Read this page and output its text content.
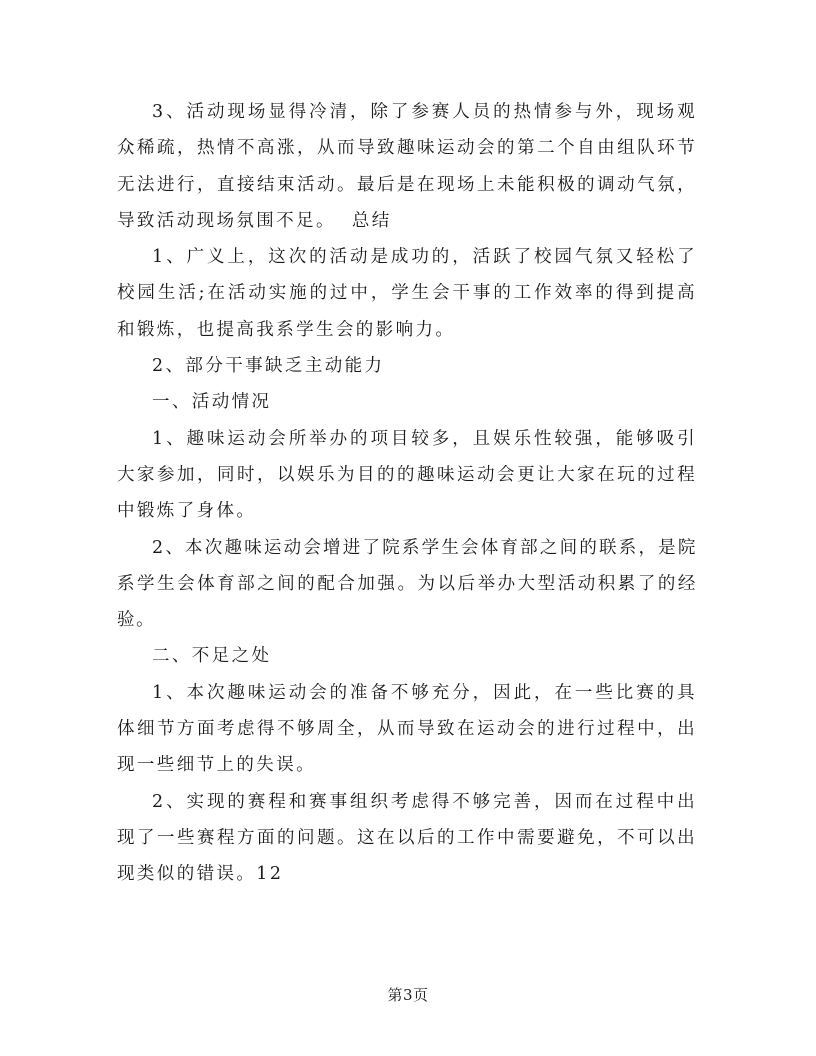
3、活动现场显得冷清，除了参赛人员的热情参与外，现场观众稀疏，热情不高涨，从而导致趣味运动会的第二个自由组队环节无法进行，直接结束活动。最后是在现场上未能积极的调动气氛，导致活动现场氛围不足。  总结

1、广义上，这次的活动是成功的，活跃了校园气氛又轻松了校园生活;在活动实施的过中，学生会干事的工作效率的得到提高和锻炼，也提高我系学生会的影响力。

2、部分干事缺乏主动能力

一、活动情况

1、趣味运动会所举办的项目较多，且娱乐性较强，能够吸引大家参加，同时，以娱乐为目的的趣味运动会更让大家在玩的过程中锻炼了身体。

2、本次趣味运动会增进了院系学生会体育部之间的联系，是院系学生会体育部之间的配合加强。为以后举办大型活动积累了的经验。

二、不足之处

1、本次趣味运动会的准备不够充分，因此，在一些比赛的具体细节方面考虑得不够周全，从而导致在运动会的进行过程中，出现一些细节上的失误。

2、实现的赛程和赛事组织考虑得不够完善，因而在过程中出现了一些赛程方面的问题。这在以后的工作中需要避免，不可以出现类似的错误。12

第3页
